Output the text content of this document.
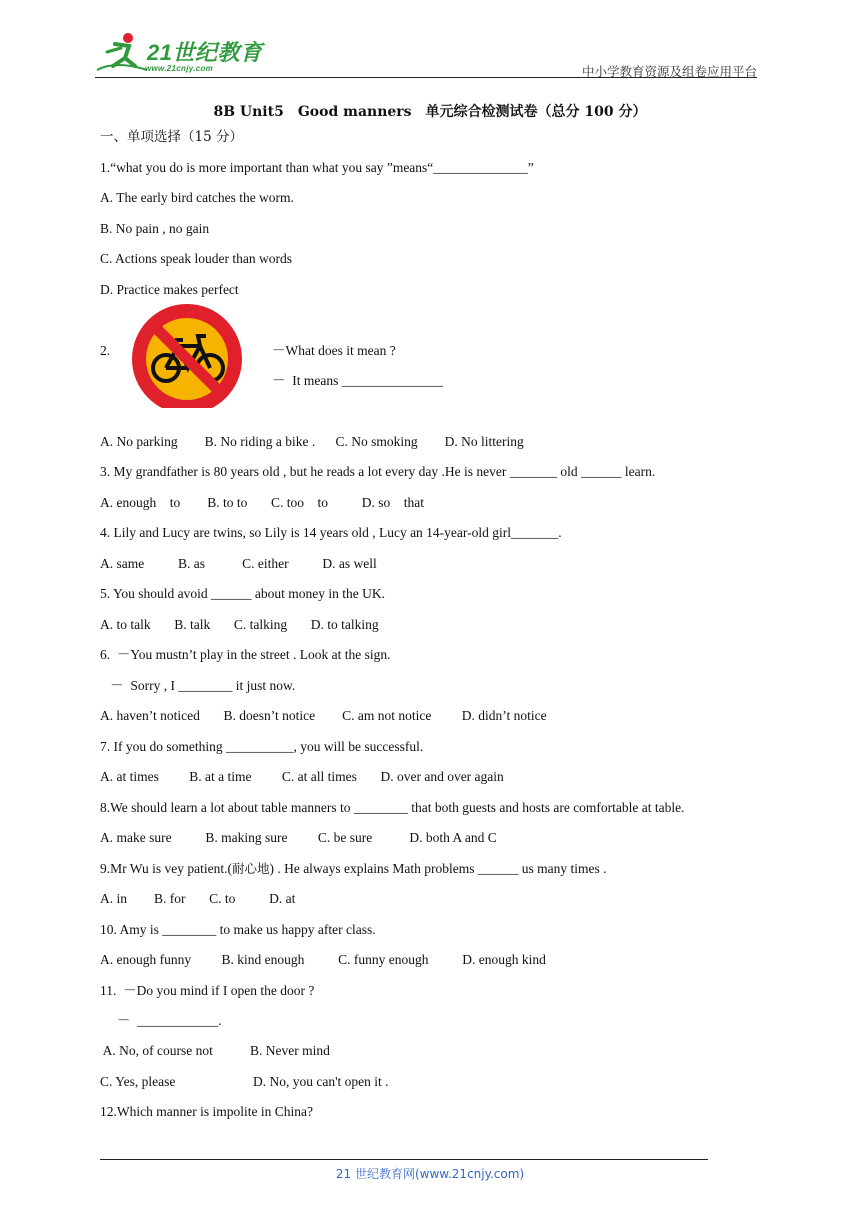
21世纪教育
www.21cnjy.com	中小学教育资源及组卷应用平台
8B Unit5　Good manners　单元综合检测试卷（总分 100 分）
一、单项选择（15 分）
1.“what you do is more important than what you say ”means“______________”
A. The early bird catches the worm.
B. No pain , no gain
C. Actions speak louder than words
D. Practice makes perfect
2.	－What does it mean ?
－  It means _______________
A. No parking        B. No riding a bike .      C. No smoking        D. No littering
3. My grandfather is 80 years old , but he reads a lot every day .He is never _______ old ______ learn.
A. enough    to        B. to to       C. too    to          D. so    that
4. Lily and Lucy are twins, so Lily is 14 years old , Lucy an 14-year-old girl_______.
A. same          B. as           C. either          D. as well
5. You should avoid ______ about money in the UK.
A. to talk       B. talk       C. talking       D. to talking
6.  －You mustn’t play in the street . Look at the sign.
－  Sorry , I ________ it just now.
A. haven’t noticed       B. doesn’t notice        C. am not notice         D. didn’t notice
7. If you do something __________, you will be successful.
A. at times         B. at a time         C. at all times       D. over and over again
8.We should learn a lot about table manners to ________ that both guests and hosts are comfortable at table.
A. make sure          B. making sure         C. be sure           D. both A and C
9.Mr Wu is vey patient.(耐心地) . He always explains Math problems ______ us many times .
A. in        B. for       C. to          D. at
10. Amy is ________ to make us happy after class.
A. enough funny         B. kind enough          C. funny enough          D. enough kind
11.  －Do you mind if I open the door ?
－  ____________.
A. No, of course not           B. Never mind
C. Yes, please                       D. No, you can't open it .
12.Which manner is impolite in China?
21 世纪教育网(www.21cnjy.com)
